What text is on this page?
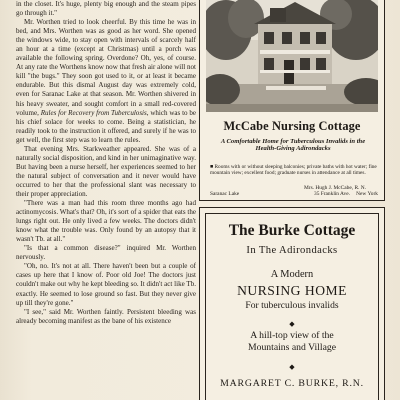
in the closet. It's huge, plenty big enough and the steam pipes go through it."

Mr. Worthen tried to look cheerful. By this time he was in bed, and Mrs. Worthen was as good as her word. She opened the windows wide, to stay open with intervals of scarcely half an hour at a time (except at Christmas) until a porch was available the following spring. Overdone? Oh, yes, of course. At any rate the Worthens know now that fresh air alone will not kill "the bugs." They soon got used to it, or at least it became endurable. But this dismal August day was extremely cold, even for Saranac Lake at that season. Mr. Worthen shivered in his heavy sweater, and sought comfort in a small red-covered volume, Rules for Recovery from Tuberculosis, which was to be his chief solace for weeks to come. Being a statistician, he readily took to the instruction it offered, and surely if he was to get well, the first step was to learn the rules.

That evening Mrs. Starkweather appeared. She was of a naturally social disposition, and kind in her unimaginative way. But having been a nurse herself, her experiences seemed to her the natural subject of conversation and it never would have occurred to her that the professional slant was necessary to their proper appreciation.

"There was a man had this room three months ago had actinomycosis. What's that? Oh, it's sort of a spider that eats the lungs right out. He only lived a few weeks. The doctors didn't know what the trouble was. Only found by an autopsy that it wasn't Tb. at all."

"Is that a common disease?" inquired Mr. Worthen nervously.

"Oh, no. It's not at all. There haven't been but a couple of cases up here that I know of. Poor old Joe! The doctors just couldn't make out why he kept bleeding so. It didn't act like Tb. exactly. He seemed to lose ground so fast. But they never give up till they're gone."

"I see," said Mr. Worthen faintly. Persistent bleeding was already becoming manifest as the bane of his existence

McCabe Nursing Cottage
A Comfortable Home for Tuberculous Invalids in the Health-Giving Adirondacks
■ Rooms with or without sleeping balconies; private baths with hot water; fine mountain view; excellent food; graduate nurses in attendance at all times.
Mrs. Hugh J. McCabe, R. N.
35 Franklin Ave.
Saranac Lake	New York
The Burke Cottage
In The Adirondacks
A Modern
NURSING HOME
For tuberculous invalids
◆
A hill-top view of the
Mountains and Village
◆
MARGARET C. BURKE, R.N.
